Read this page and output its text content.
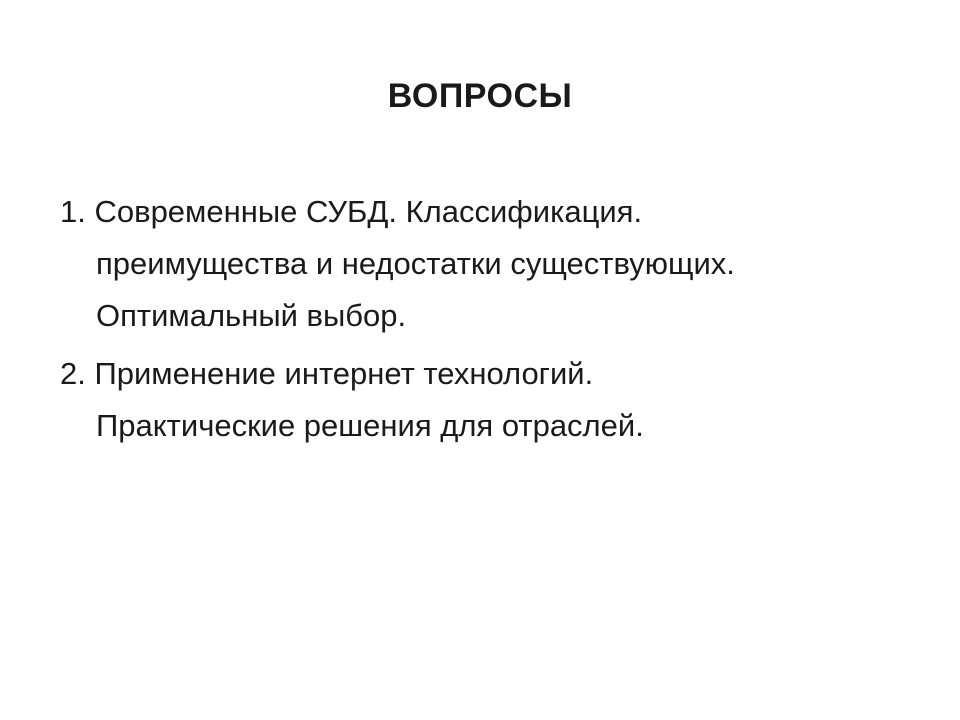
ВОПРОСЫ
1. Современные СУБД. Классификация.
преимущества и недостатки существующих.
Оптимальный выбор.
2. Применение интернет технологий.
Практические решения для отраслей.
